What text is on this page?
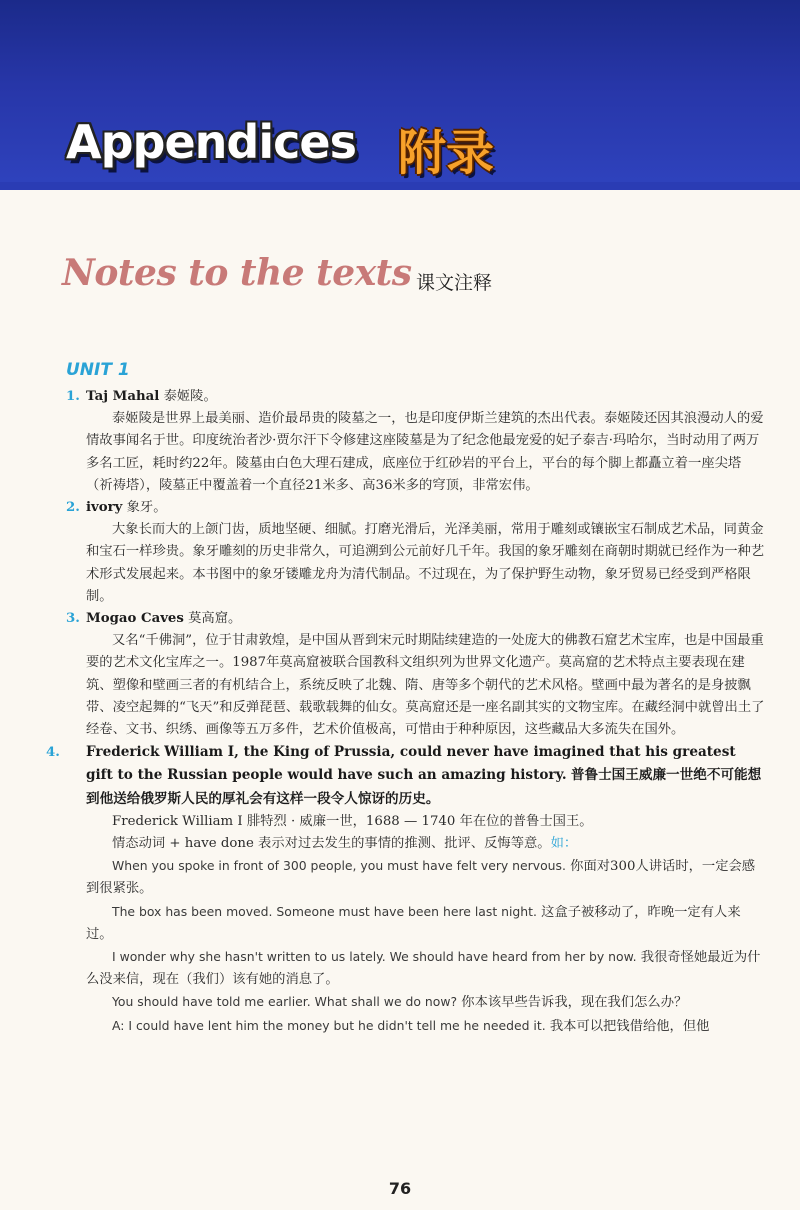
Appendices 附录
Notes to the texts 课文注释
UNIT 1

1. Taj Mahal 泰姬陵。

泰姬陵是世界上最美丽、造价最昂贵的陵墓之一，也是印度伊斯兰建筑的杰出代表。泰姬陵还因其浪漫动人的爱情故事闻名于世。印度统治者沙·贾尔汗下令修建这座陵墓是为了纪念他最宠爱的妃子泰吉·玛哈尔，当时动用了两万多名工匠，耗时约22年。陵墓由白色大理石建成，底座位于红砂岩的平台上，平台的每个脚上都矗立着一座尖塔（祈祷塔），陵墓正中覆盖着一个直径21米多、高36米多的穹顶，非常宏伟。

2. ivory 象牙。

大象长而大的上颌门齿，质地坚硬、细腻。打磨光滑后，光泽美丽，常用于雕刻或镶嵌宝石制成艺术品，同黄金和宝石一样珍贵。象牙雕刻的历史非常久，可追溯到公元前好几千年。我国的象牙雕刻在商朝时期就已经作为一种艺术形式发展起来。本书图中的象牙镂雕龙舟为清代制品。不过现在，为了保护野生动物，象牙贸易已经受到严格限制。

3. Mogao Caves 莫高窟。

又名“千佛洞”，位于甘肃敦煌，是中国从晋到宋元时期陆续建造的一处庞大的佛教石窟艺术宝库，也是中国最重要的艺术文化宝库之一。1987年莫高窟被联合国教科文组织列为世界文化遗产。莫高窟的艺术特点主要表现在建筑、塑像和壁画三者的有机结合上，系统反映了北魏、隋、唐等多个朝代的艺术风格。壁画中最为著名的是身披飘带、凌空起舞的“飞天”和反弹琵琶、载歌载舞的仙女。莫高窟还是一座名副其实的文物宝库。在藏经洞中就曾出土了经卷、文书、织绣、画像等五万多件，艺术价值极高，可惜由于种种原因，这些藏品大多流失在国外。

4. Frederick William I, the King of Prussia, could never have imagined that his greatest gift to the Russian people would have such an amazing history. 普鲁士国王威廉一世绝不可能想到他送给俄罗斯人民的厚礼会有这样一段令人惊讶的历史。

Frederick William I 腓特烈 · 威廉一世，1688 — 1740 年在位的普鲁士国王。

情态动词 + have done 表示对过去发生的事情的推测、批评、反悔等意。如：

When you spoke in front of 300 people, you must have felt very nervous. 你面对300人讲话时，一定会感到很紧张。

The box has been moved. Someone must have been here last night. 这盒子被移动了，昨晚一定有人来过。

I wonder why she hasn't written to us lately. We should have heard from her by now. 我很奇怪她最近为什么没来信，现在（我们）该有她的消息了。

You should have told me earlier. What shall we do now? 你本该早些告诉我，现在我们怎么办？

A: I could have lent him the money but he didn't tell me he needed it. 我本可以把钱借给他，但他

76
